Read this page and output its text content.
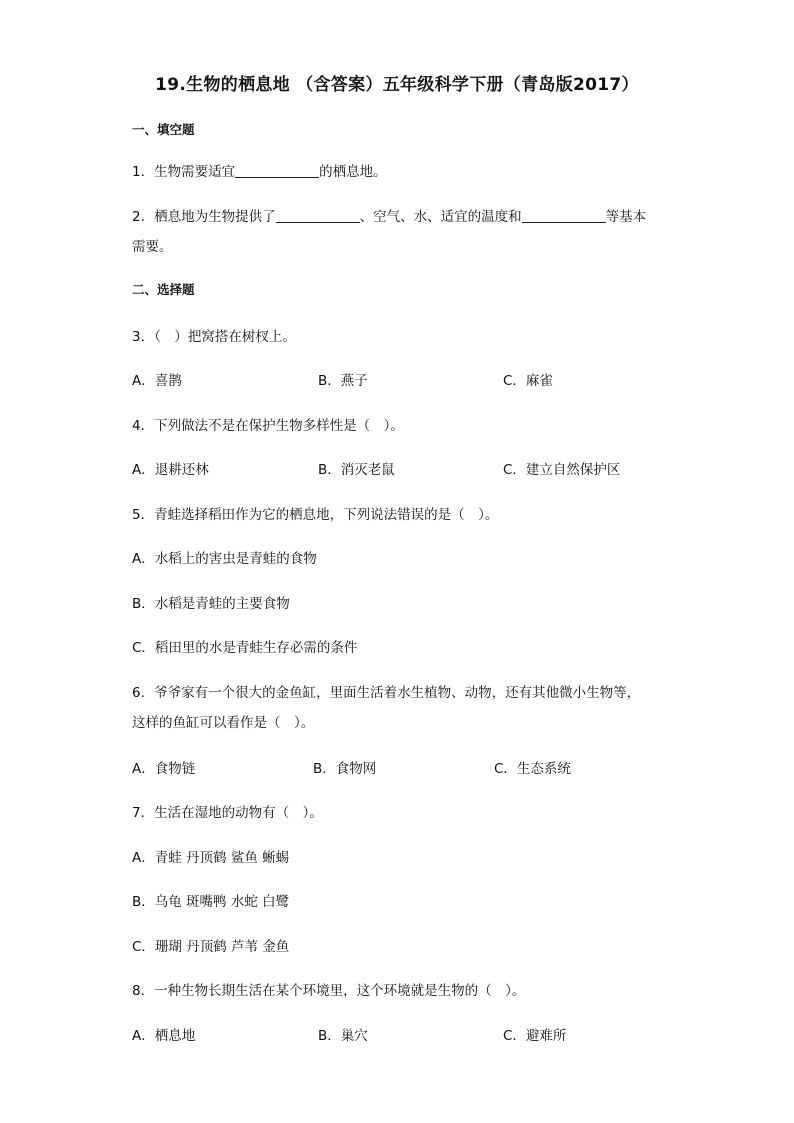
19.生物的栖息地 （含答案）五年级科学下册（青岛版2017）
一、填空题
1．生物需要适宜	的栖息地。
2．栖息地为生物提供了	、空气、水、适宜的温度和	等基本
需要。
二、选择题
3．（　）把窝搭在树杈上。
A．喜鹊	B．燕子	C．麻雀
4．下列做法不是在保护生物多样性是（　）。
A．退耕还林	B．消灭老鼠	C．建立自然保护区
5．青蛙选择稻田作为它的栖息地，下列说法错误的是（　）。
A．水稻上的害虫是青蛙的食物
B．水稻是青蛙的主要食物
C．稻田里的水是青蛙生存必需的条件
6．爷爷家有一个很大的金鱼缸，里面生活着水生植物、动物，还有其他微小生物等，
这样的鱼缸可以看作是（　）。
A．食物链	B．食物网	C．生态系统
7．生活在湿地的动物有（　）。
A．青蛙 丹顶鹤 鲨鱼 蜥蜴
B．乌龟 斑嘴鸭 水蛇 白鹭
C．珊瑚 丹顶鹤 芦苇 金鱼
8．一种生物长期生活在某个环境里，这个环境就是生物的（　）。
A．栖息地	B．巢穴	C．避难所
